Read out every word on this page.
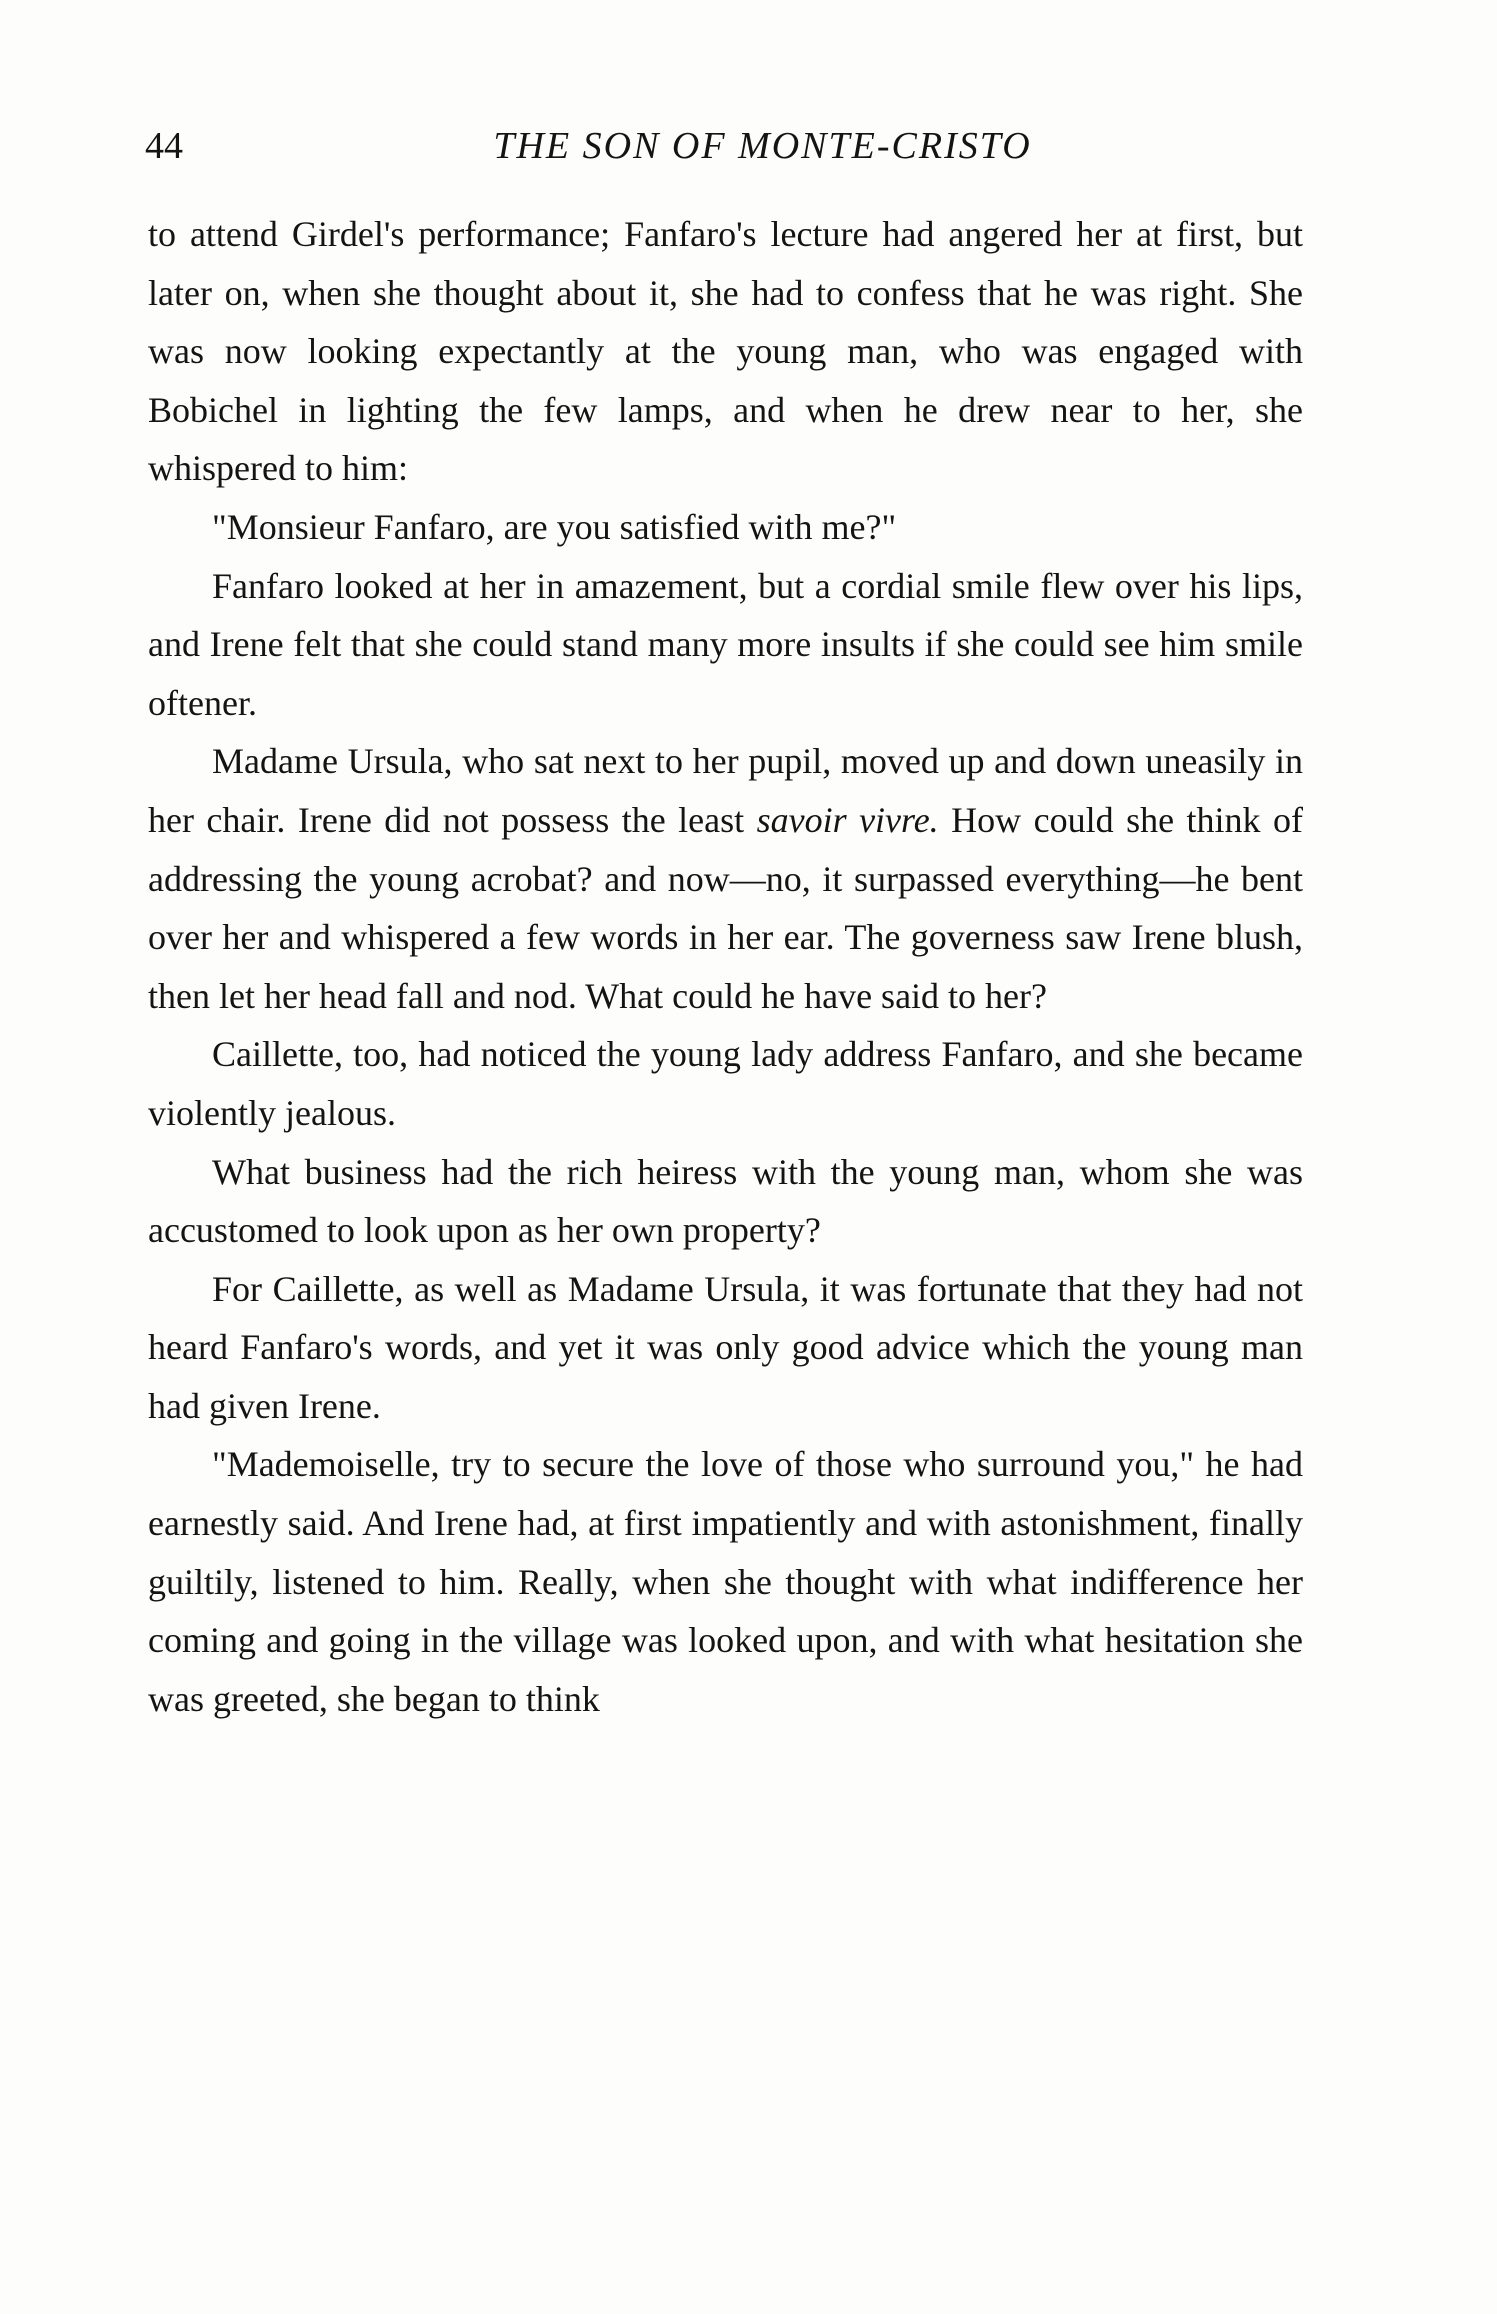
44	THE SON OF MONTE-CRISTO

to attend Girdel's performance; Fanfaro's lecture had angered her at first, but later on, when she thought about it, she had to confess that he was right. She was now looking expectantly at the young man, who was engaged with Bobichel in lighting the few lamps, and when he drew near to her, she whispered to him:

"Monsieur Fanfaro, are you satisfied with me?"

Fanfaro looked at her in amazement, but a cordial smile flew over his lips, and Irene felt that she could stand many more insults if she could see him smile oftener.

Madame Ursula, who sat next to her pupil, moved up and down uneasily in her chair. Irene did not possess the least savoir vivre. How could she think of addressing the young acrobat? and now—no, it surpassed everything—he bent over her and whispered a few words in her ear. The governess saw Irene blush, then let her head fall and nod. What could he have said to her?

Caillette, too, had noticed the young lady address Fanfaro, and she became violently jealous.

What business had the rich heiress with the young man, whom she was accustomed to look upon as her own property?

For Caillette, as well as Madame Ursula, it was fortunate that they had not heard Fanfaro's words, and yet it was only good advice which the young man had given Irene.

"Mademoiselle, try to secure the love of those who surround you," he had earnestly said. And Irene had, at first impatiently and with astonishment, finally guiltily, listened to him. Really, when she thought with what indifference her coming and going in the village was looked upon, and with what hesitation she was greeted, she began to think
